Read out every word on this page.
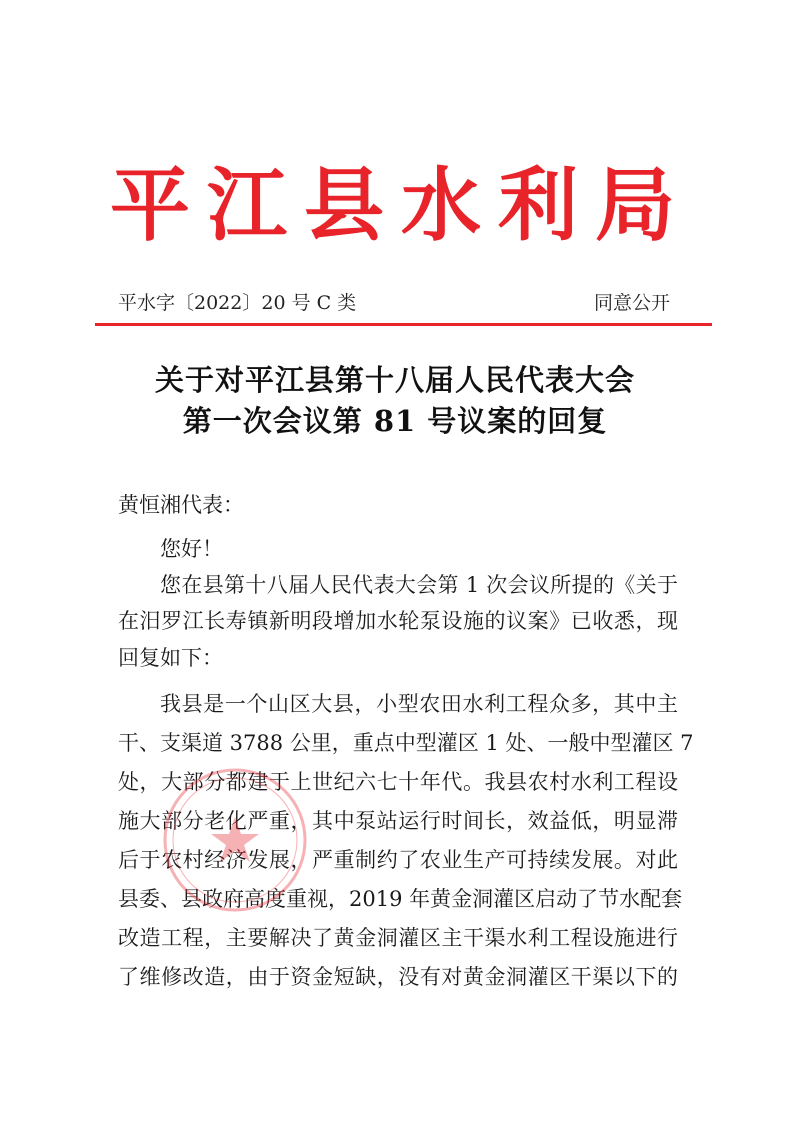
平 江 县 水 利 局
平水字〔2022〕20 号 C 类	同意公开
关于对平江县第十八届人民代表大会
第一次会议第 81 号议案的回复
黄恒湘代表：
您好！
您在县第十八届人民代表大会第 1 次会议所提的《关于
在汨罗江长寿镇新明段增加水轮泵设施的议案》已收悉，现
回复如下：
我县是一个山区大县，小型农田水利工程众多，其中主
干、支渠道 3788 公里，重点中型灌区 1 处、一般中型灌区 7
处，大部分都建于上世纪六七十年代。我县农村水利工程设
施大部分老化严重，其中泵站运行时间长，效益低，明显滞
后于农村经济发展，严重制约了农业生产可持续发展。对此
县委、县政府高度重视，2019 年黄金洞灌区启动了节水配套
改造工程，主要解决了黄金洞灌区主干渠水利工程设施进行
了维修改造，由于资金短缺，没有对黄金洞灌区干渠以下的
